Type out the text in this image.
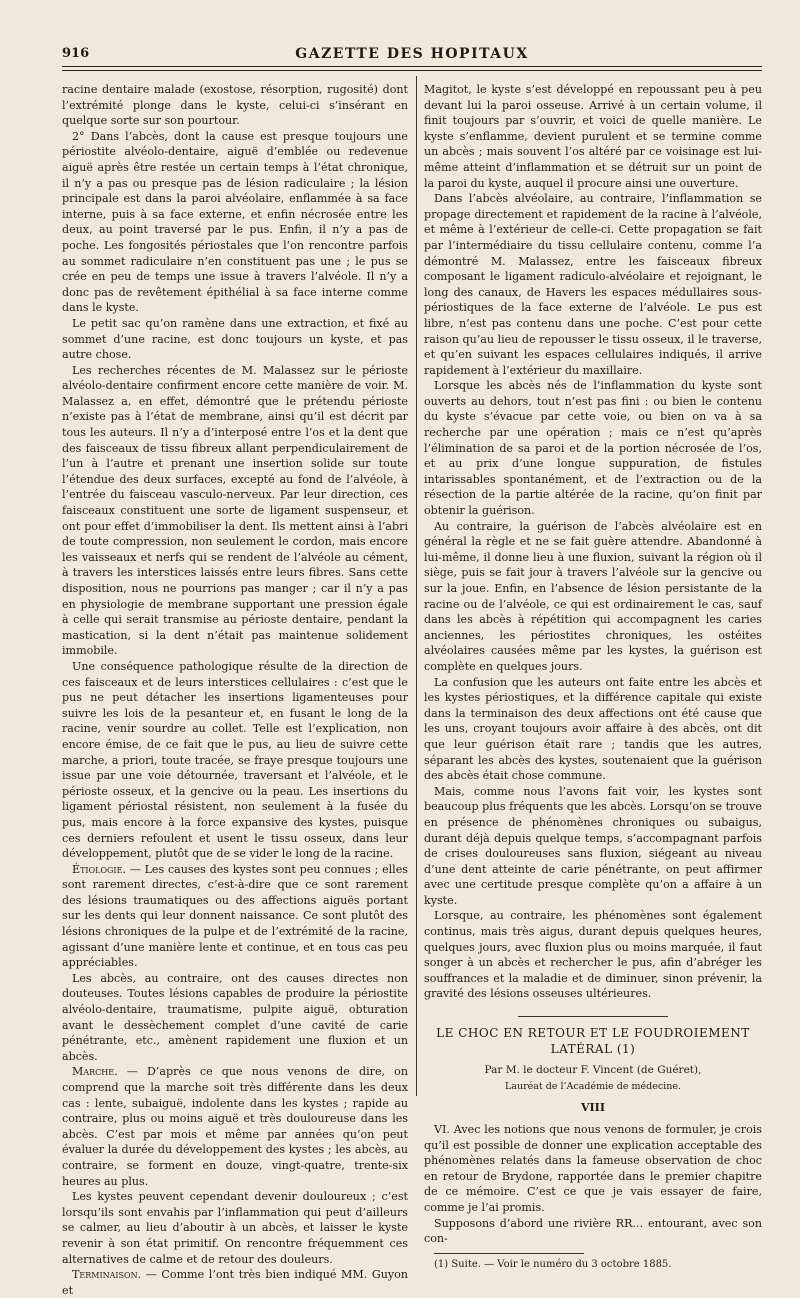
916	GAZETTE DES HOPITAUX

racine dentaire malade (exostose, résorption, rugosité) dont l’extrémité plonge dans le kyste, celui-ci s’insérant en quelque sorte sur son pourtour.

2° Dans l’abcès, dont la cause est presque toujours une périostite alvéolo-dentaire, aiguë d’emblée ou redevenue aiguë après être restée un certain temps à l’état chronique, il n’y a pas ou presque pas de lésion radiculaire ; la lésion principale est dans la paroi alvéolaire, enflammée à sa face interne, puis à sa face externe, et enfin nécrosée entre les deux, au point traversé par le pus. Enfin, il n’y a pas de poche. Les fongosités périostales que l’on rencontre parfois au sommet radiculaire n’en constituent pas une ; le pus se crée en peu de temps une issue à travers l’alvéole. Il n’y a donc pas de revêtement épithélial à sa face interne comme dans le kyste.

Le petit sac qu’on ramène dans une extraction, et fixé au sommet d’une racine, est donc toujours un kyste, et pas autre chose.

Les recherches récentes de M. Malassez sur le périoste alvéolo-dentaire confirment encore cette manière de voir. M. Malassez a, en effet, démontré que le prétendu périoste n’existe pas à l’état de membrane, ainsi qu’il est décrit par tous les auteurs. Il n’y a d’interposé entre l’os et la dent que des faisceaux de tissu fibreux allant perpendiculairement de l’un à l’autre et prenant une insertion solide sur toute l’étendue des deux surfaces, excepté au fond de l’alvéole, à l’entrée du faisceau vasculo-nerveux. Par leur direction, ces faisceaux constituent une sorte de ligament suspenseur, et ont pour effet d’immobiliser la dent. Ils mettent ainsi à l’abri de toute compression, non seulement le cordon, mais encore les vaisseaux et nerfs qui se rendent de l’alvéole au cément, à travers les interstices laissés entre leurs fibres. Sans cette disposition, nous ne pourrions pas manger ; car il n’y a pas en physiologie de membrane supportant une pression égale à celle qui serait transmise au périoste dentaire, pendant la mastication, si la dent n’était pas maintenue solidement immobile.

Une conséquence pathologique résulte de la direction de ces faisceaux et de leurs interstices cellulaires : c’est que le pus ne peut détacher les insertions ligamenteuses pour suivre les lois de la pesanteur et, en fusant le long de la racine, venir sourdre au collet. Telle est l’explication, non encore émise, de ce fait que le pus, au lieu de suivre cette marche, a priori, toute tracée, se fraye presque toujours une issue par une voie détournée, traversant et l’alvéole, et le périoste osseux, et la gencive ou la peau. Les insertions du ligament périostal résistent, non seulement à la fusée du pus, mais encore à la force expansive des kystes, puisque ces derniers refoulent et usent le tissu osseux, dans leur développement, plutôt que de se vider le long de la racine.

Étiologie. — Les causes des kystes sont peu connues ; elles sont rarement directes, c’est-à-dire que ce sont rarement des lésions traumatiques ou des affections aiguës portant sur les dents qui leur donnent naissance. Ce sont plutôt des lésions chroniques de la pulpe et de l’extrémité de la racine, agissant d’une manière lente et continue, et en tous cas peu appréciables.

Les abcès, au contraire, ont des causes directes non douteuses. Toutes lésions capables de produire la périostite alvéolo-dentaire, traumatisme, pulpite aiguë, obturation avant le dessèchement complet d’une cavité de carie pénétrante, etc., amènent rapidement une fluxion et un abcès.

Marche. — D’après ce que nous venons de dire, on comprend que la marche soit très différente dans les deux cas : lente, subaiguë, indolente dans les kystes ; rapide au contraire, plus ou moins aiguë et très douloureuse dans les abcès. C’est par mois et même par années qu’on peut évaluer la durée du développement des kystes ; les abcès, au contraire, se forment en douze, vingt-quatre, trente-six heures au plus.

Les kystes peuvent cependant devenir douloureux ; c’est lorsqu’ils sont envahis par l’inflammation qui peut d’ailleurs se calmer, au lieu d’aboutir à un abcès, et laisser le kyste revenir à son état primitif. On rencontre fréquemment ces alternatives de calme et de retour des douleurs.

Terminaison. — Comme l’ont très bien indiqué MM. Guyon et

Magitot, le kyste s’est développé en repoussant peu à peu devant lui la paroi osseuse. Arrivé à un certain volume, il finit toujours par s’ouvrir, et voici de quelle manière. Le kyste s’enflamme, devient purulent et se termine comme un abcès ; mais souvent l’os altéré par ce voisinage est lui-même atteint d’inflammation et se détruit sur un point de la paroi du kyste, auquel il procure ainsi une ouverture.

Dans l’abcès alvéolaire, au contraire, l’inflammation se propage directement et rapidement de la racine à l’alvéole, et même à l’extérieur de celle-ci. Cette propagation se fait par l’intermédiaire du tissu cellulaire contenu, comme l’a démontré M. Malassez, entre les faisceaux fibreux composant le ligament radiculo-alvéolaire et rejoignant, le long des canaux, de Havers les espaces médullaires sous-périostiques de la face externe de l’alvéole. Le pus est libre, n’est pas contenu dans une poche. C’est pour cette raison qu’au lieu de repousser le tissu osseux, il le traverse, et qu’en suivant les espaces cellulaires indiqués, il arrive rapidement à l’extérieur du maxillaire.

Lorsque les abcès nés de l’inflammation du kyste sont ouverts au dehors, tout n’est pas fini : ou bien le contenu du kyste s’évacue par cette voie, ou bien on va à sa recherche par une opération ; mais ce n’est qu’après l’élimination de sa paroi et de la portion nécrosée de l’os, et au prix d’une longue suppuration, de fistules intarissables spontanément, et de l’extraction ou de la résection de la partie altérée de la racine, qu’on finit par obtenir la guérison.

Au contraire, la guérison de l’abcès alvéolaire est en général la règle et ne se fait guère attendre. Abandonné à lui-même, il donne lieu à une fluxion, suivant la région où il siège, puis se fait jour à travers l’alvéole sur la gencive ou sur la joue. Enfin, en l’absence de lésion persistante de la racine ou de l’alvéole, ce qui est ordinairement le cas, sauf dans les abcès à répétition qui accompagnent les caries anciennes, les périostites chroniques, les ostéites alvéolaires causées même par les kystes, la guérison est complète en quelques jours.

La confusion que les auteurs ont faite entre les abcès et les kystes périostiques, et la différence capitale qui existe dans la terminaison des deux affections ont été cause que les uns, croyant toujours avoir affaire à des abcès, ont dit que leur guérison était rare ; tandis que les autres, séparant les abcès des kystes, soutenaient que la guérison des abcès était chose commune.

Mais, comme nous l’avons fait voir, les kystes sont beaucoup plus fréquents que les abcès. Lorsqu’on se trouve en présence de phénomènes chroniques ou subaigus, durant déjà depuis quelque temps, s’accompagnant parfois de crises douloureuses sans fluxion, siégeant au niveau d’une dent atteinte de carie pénétrante, on peut affirmer avec une certitude presque complète qu’on a affaire à un kyste.

Lorsque, au contraire, les phénomènes sont également continus, mais très aigus, durant depuis quelques heures, quelques jours, avec fluxion plus ou moins marquée, il faut songer à un abcès et rechercher le pus, afin d’abréger les souffrances et la maladie et de diminuer, sinon prévenir, la gravité des lésions osseuses ultérieures.

LE CHOC EN RETOUR ET LE FOUDROIEMENT LATÉRAL (1)
Par M. le docteur F. Vincent (de Guéret),
Lauréat de l’Académie de médecine.
VIII

VI. Avec les notions que nous venons de formuler, je crois qu’il est possible de donner une explication acceptable des phénomènes relatés dans la fameuse observation de choc en retour de Brydone, rapportée dans le premier chapitre de ce mémoire. C’est ce que je vais essayer de faire, comme je l’ai promis.

Supposons d’abord une rivière RR... entourant, avec son con-

(1) Suite. — Voir le numéro du 3 octobre 1885.
